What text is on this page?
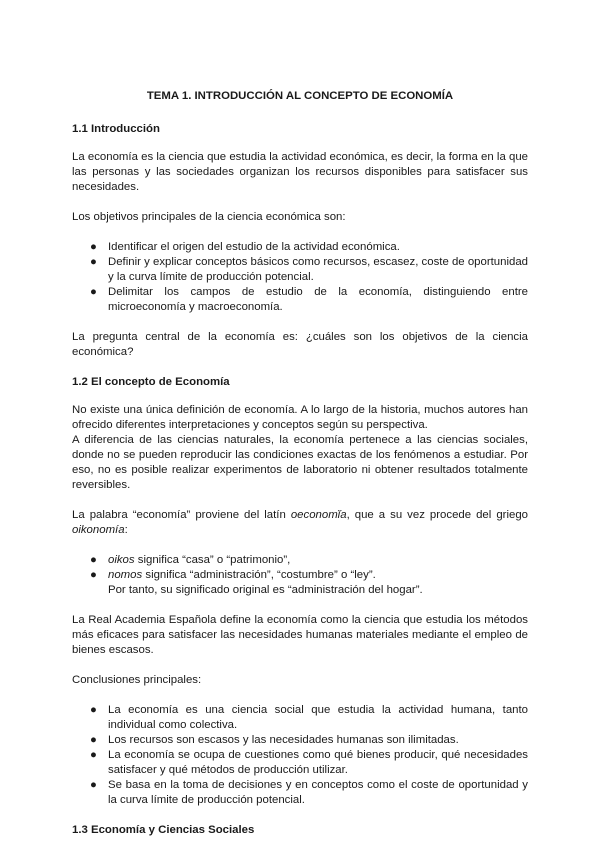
TEMA 1. INTRODUCCIÓN AL CONCEPTO DE ECONOMÍA
1.1 Introducción

La economía es la ciencia que estudia la actividad económica, es decir, la forma en la que las personas y las sociedades organizan los recursos disponibles para satisfacer sus necesidades.

Los objetivos principales de la ciencia económica son:

● Identificar el origen del estudio de la actividad económica.
● Definir y explicar conceptos básicos como recursos, escasez, coste de oportunidad y la curva límite de producción potencial.
● Delimitar los campos de estudio de la economía, distinguiendo entre microeconomía y macroeconomía.

La pregunta central de la economía es: ¿cuáles son los objetivos de la ciencia económica?

1.2 El concepto de Economía

No existe una única definición de economía. A lo largo de la historia, muchos autores han ofrecido diferentes interpretaciones y conceptos según su perspectiva.

A diferencia de las ciencias naturales, la economía pertenece a las ciencias sociales, donde no se pueden reproducir las condiciones exactas de los fenómenos a estudiar. Por eso, no es posible realizar experimentos de laboratorio ni obtener resultados totalmente reversibles.

La palabra “economía” proviene del latín oeconomĭa, que a su vez procede del griego oikonomía:

● oikos significa “casa” o “patrimonio”,
● nomos significa “administración”, “costumbre” o “ley”.
Por tanto, su significado original es “administración del hogar”.

La Real Academia Española define la economía como la ciencia que estudia los métodos más eficaces para satisfacer las necesidades humanas materiales mediante el empleo de bienes escasos.

Conclusiones principales:

● La economía es una ciencia social que estudia la actividad humana, tanto individual como colectiva.
● Los recursos son escasos y las necesidades humanas son ilimitadas.
● La economía se ocupa de cuestiones como qué bienes producir, qué necesidades satisfacer y qué métodos de producción utilizar.
● Se basa en la toma de decisiones y en conceptos como el coste de oportunidad y la curva límite de producción potencial.
1.3 Economía y Ciencias Sociales
